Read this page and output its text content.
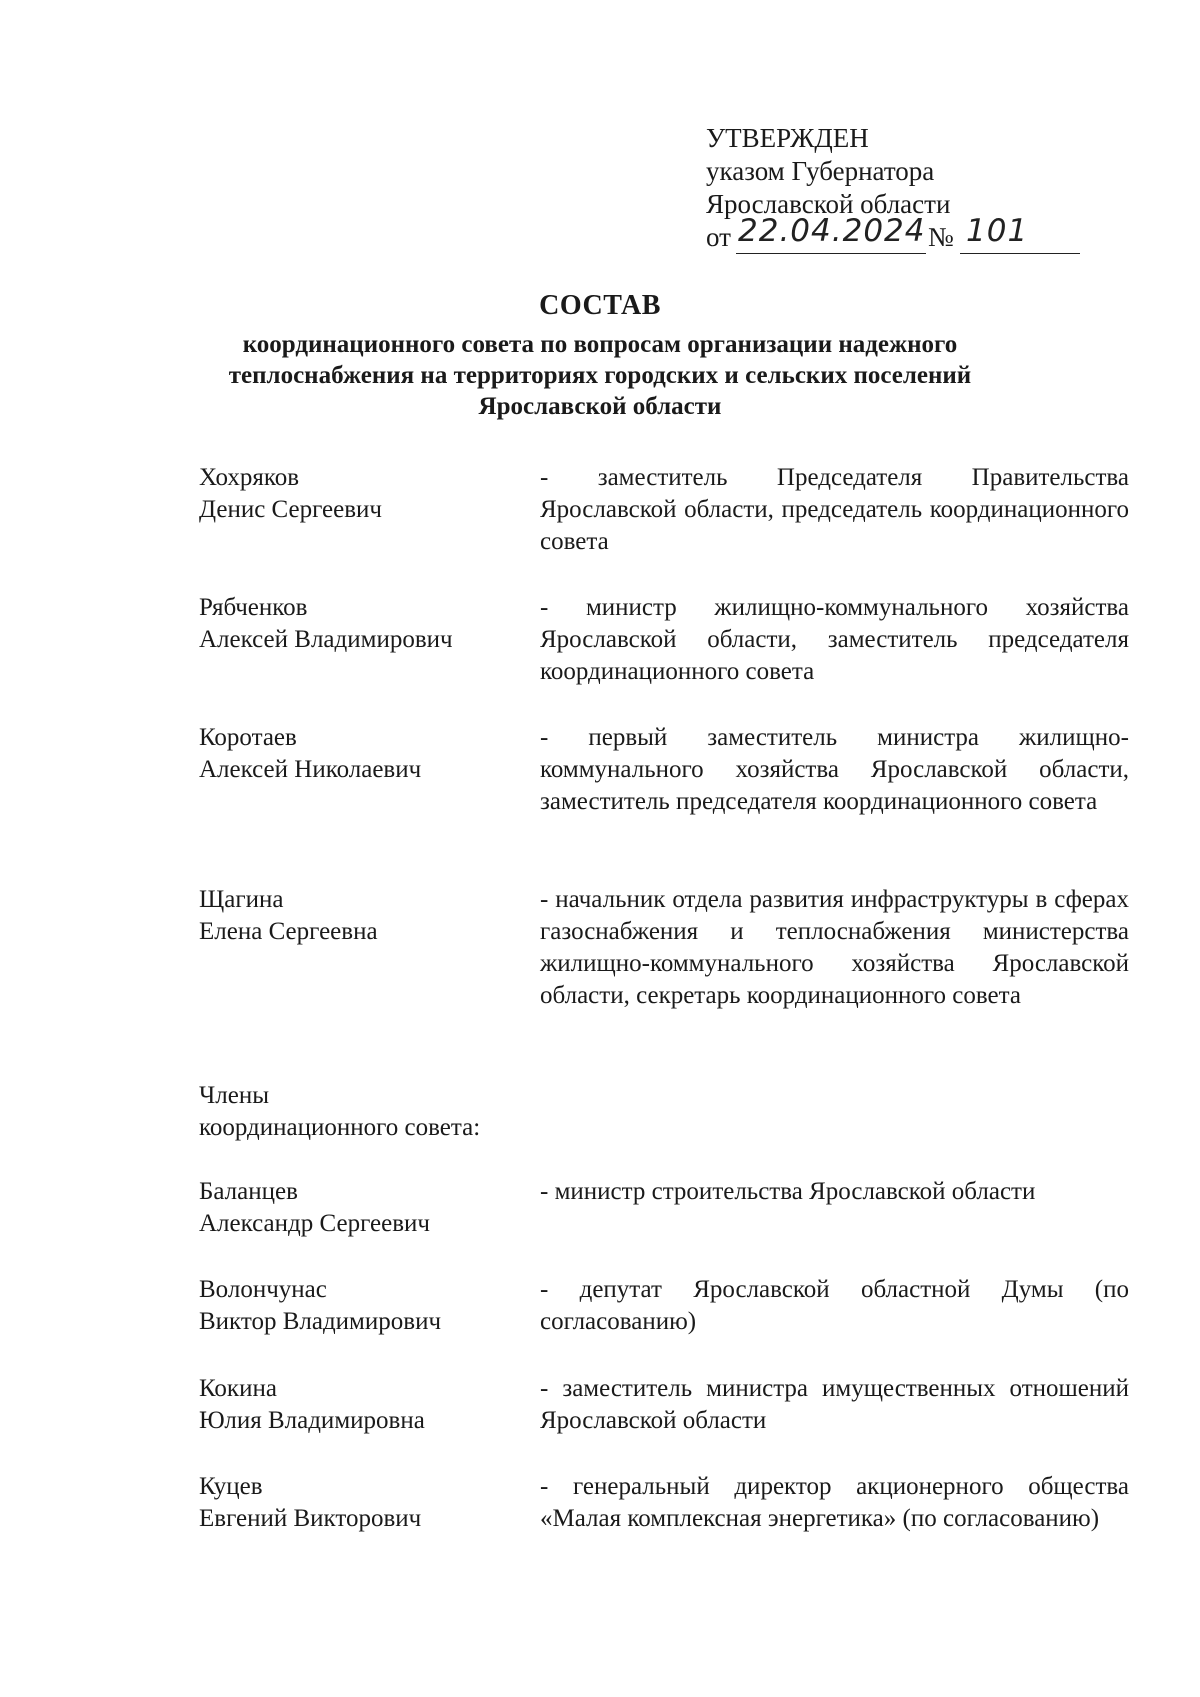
УТВЕРЖДЕН
указом Губернатора
Ярославской области
от 22.04.2024 № 101
СОСТАВ
координационного совета по вопросам организации надежного
теплоснабжения на территориях городских и сельских поселений
Ярославской области
Хохряков
Денис Сергеевич
- заместитель Председателя Правительства Ярославской области, председатель координационного совета
Рябченков
Алексей Владимирович
- министр жилищно-коммунального хозяйства Ярославской области, заместитель председателя координационного совета
Коротаев
Алексей Николаевич
- первый заместитель министра жилищно-коммунального хозяйства Ярославской области, заместитель председателя координационного совета
Щагина
Елена Сергеевна
- начальник отдела развития инфраструктуры в сферах газоснабжения и теплоснабжения министерства жилищно-коммунального хозяйства Ярославской области, секретарь координационного совета
Члены
координационного совета:
Баланцев
Александр Сергеевич
- министр строительства Ярославской области
Волончунас
Виктор Владимирович
- депутат Ярославской областной Думы (по согласованию)
Кокина
Юлия Владимировна
- заместитель министра имущественных отношений Ярославской области
Куцев
Евгений Викторович
- генеральный директор акционерного общества «Малая комплексная энергетика» (по согласованию)
